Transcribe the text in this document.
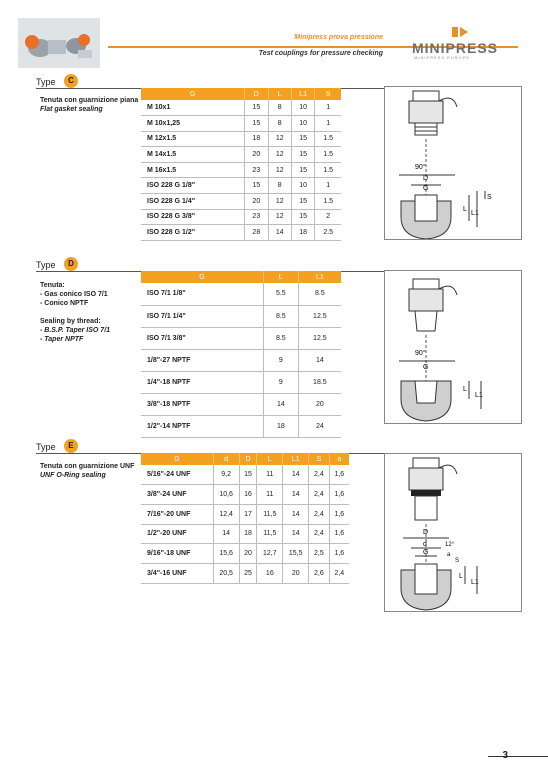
Minipress prova pressione
Test couplings for pressure checking MINIPRESS
MINIPRESS EUROPE
Type C
Tenuta con guarnizione piana
Flat gasket sealing
G	D	L	L1	S
M 10x1	15	8	10	1
M 10x1,25	15	8	10	1
M 12x1.5	18	12	15	1.5
M 14x1.5	20	12	15	1.5
M 16x1.5	23	12	15	1.5
ISO 228 G 1/8"	15	8	10	1
ISO 228 G 1/4"	20	12	15	1.5
ISO 228 G 3/8"	23	12	15	2
ISO 228 G 1/2"	28	14	18	2.5
90°
D
G
L
L1
S
Type D
Tenuta:
- Gas conico ISO 7/1
- Conico NPTF
Sealing by thread:
- B.S.P. Taper ISO 7/1
- Taper NPTF
G	L	L1
ISO 7/1 1/8"	5.5	8.5
ISO 7/1 1/4"	8.5	12.5
ISO 7/1 3/8"	8.5	12.5
1/8"-27 NPTF	9	14
1/4"-18 NPTF	9	18.5
3/8"-18 NPTF	14	20
1/2"-14 NPTF	18	24
90°
G
L
L1
Type E
Tenuta con guarnizione UNF
UNF O-Ring sealing
G	d	D	L	L1	S	a
5/16"-24 UNF	9,2	15	11	14	2,4	1,6
3/8"-24 UNF	10,6	16	11	14	2,4	1,6
7/16"-20 UNF	12,4	17	11,5	14	2,4	1,6
1/2"-20 UNF	14	18	11,5	14	2,4	1,6
9/16"-18 UNF	15,6	20	12,7	15,5	2,5	1,6
3/4"-16 UNF	20,5	25	16	20	2,6	2,4
D
d
G
12°
a
S
L
L1
3
